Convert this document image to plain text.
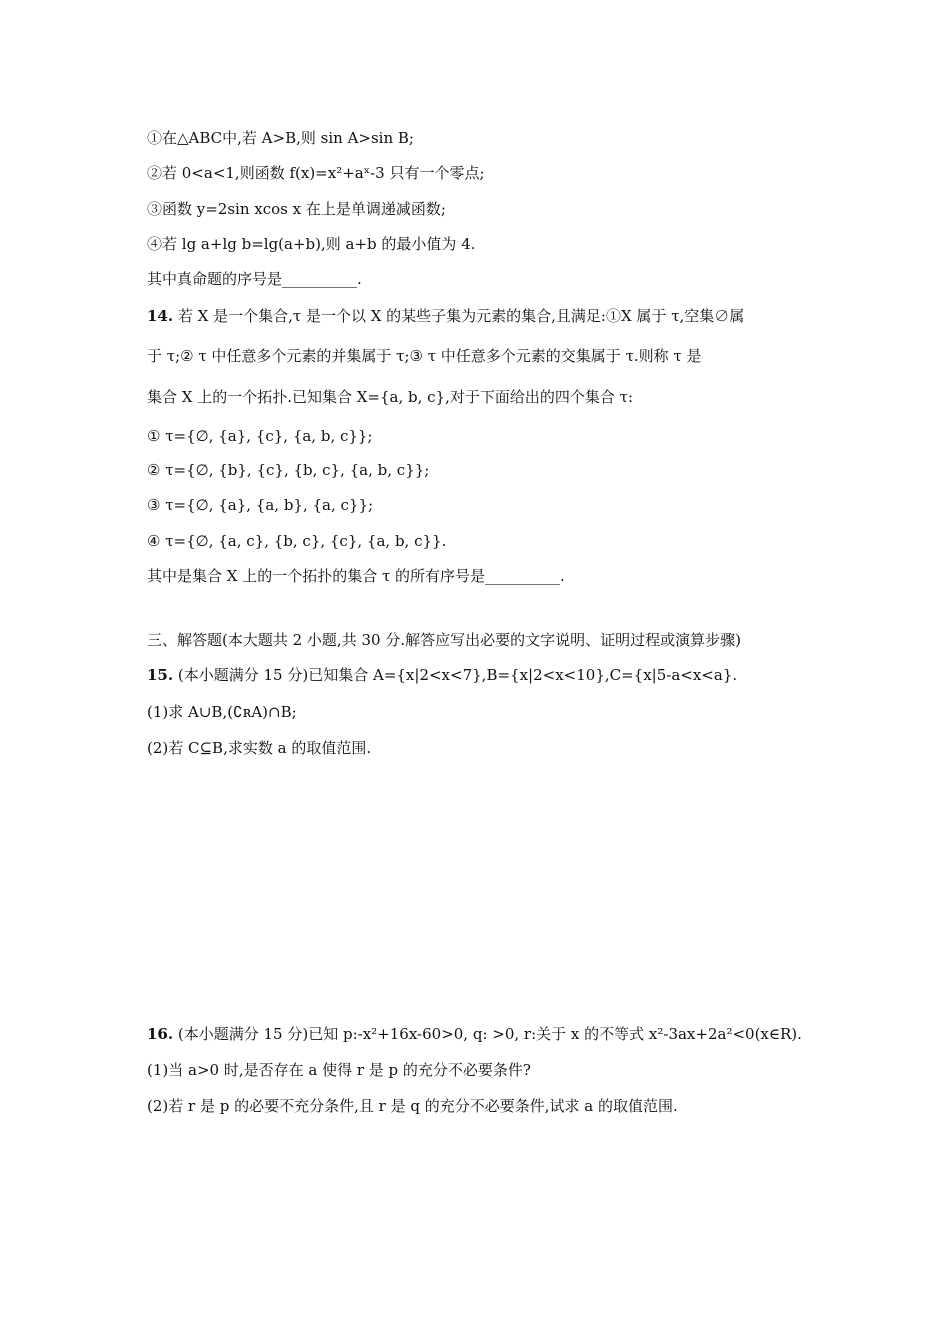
①在△ABC中,若 A>B,则 sin A>sin B;
②若 0<a<1,则函数 f(x)=x²+aˣ-3 只有一个零点;
③函数 y=2sin xcos x 在上是单调递减函数;
④若 lg a+lg b=lg(a+b),则 a+b 的最小值为 4.
其中真命题的序号是__________.
14. 若 X 是一个集合,τ 是一个以 X 的某些子集为元素的集合,且满足:①X 属于 τ,空集∅属
于 τ;② τ 中任意多个元素的并集属于 τ;③ τ 中任意多个元素的交集属于 τ.则称 τ 是
集合 X 上的一个拓扑.已知集合 X={a, b, c},对于下面给出的四个集合 τ:
① τ={∅, {a}, {c}, {a, b, c}};
② τ={∅, {b}, {c}, {b, c}, {a, b, c}};
③ τ={∅, {a}, {a, b}, {a, c}};
④ τ={∅, {a, c}, {b, c}, {c}, {a, b, c}}.
其中是集合 X 上的一个拓扑的集合 τ 的所有序号是__________.
三、解答题(本大题共 2 小题,共 30 分.解答应写出必要的文字说明、证明过程或演算步骤)
15. (本小题满分 15 分)已知集合 A={x|2<x<7},B={x|2<x<10},C={x|5-a<x<a}.
(1)求 A∪B,(∁ʀA)∩B;
(2)若 C⊆B,求实数 a 的取值范围.
16. (本小题满分 15 分)已知 p:-x²+16x-60>0, q: >0, r:关于 x 的不等式 x²-3ax+2a²<0(x∈R).
(1)当 a>0 时,是否存在 a 使得 r 是 p 的充分不必要条件?
(2)若 r 是 p 的必要不充分条件,且 r 是 q 的充分不必要条件,试求 a 的取值范围.
